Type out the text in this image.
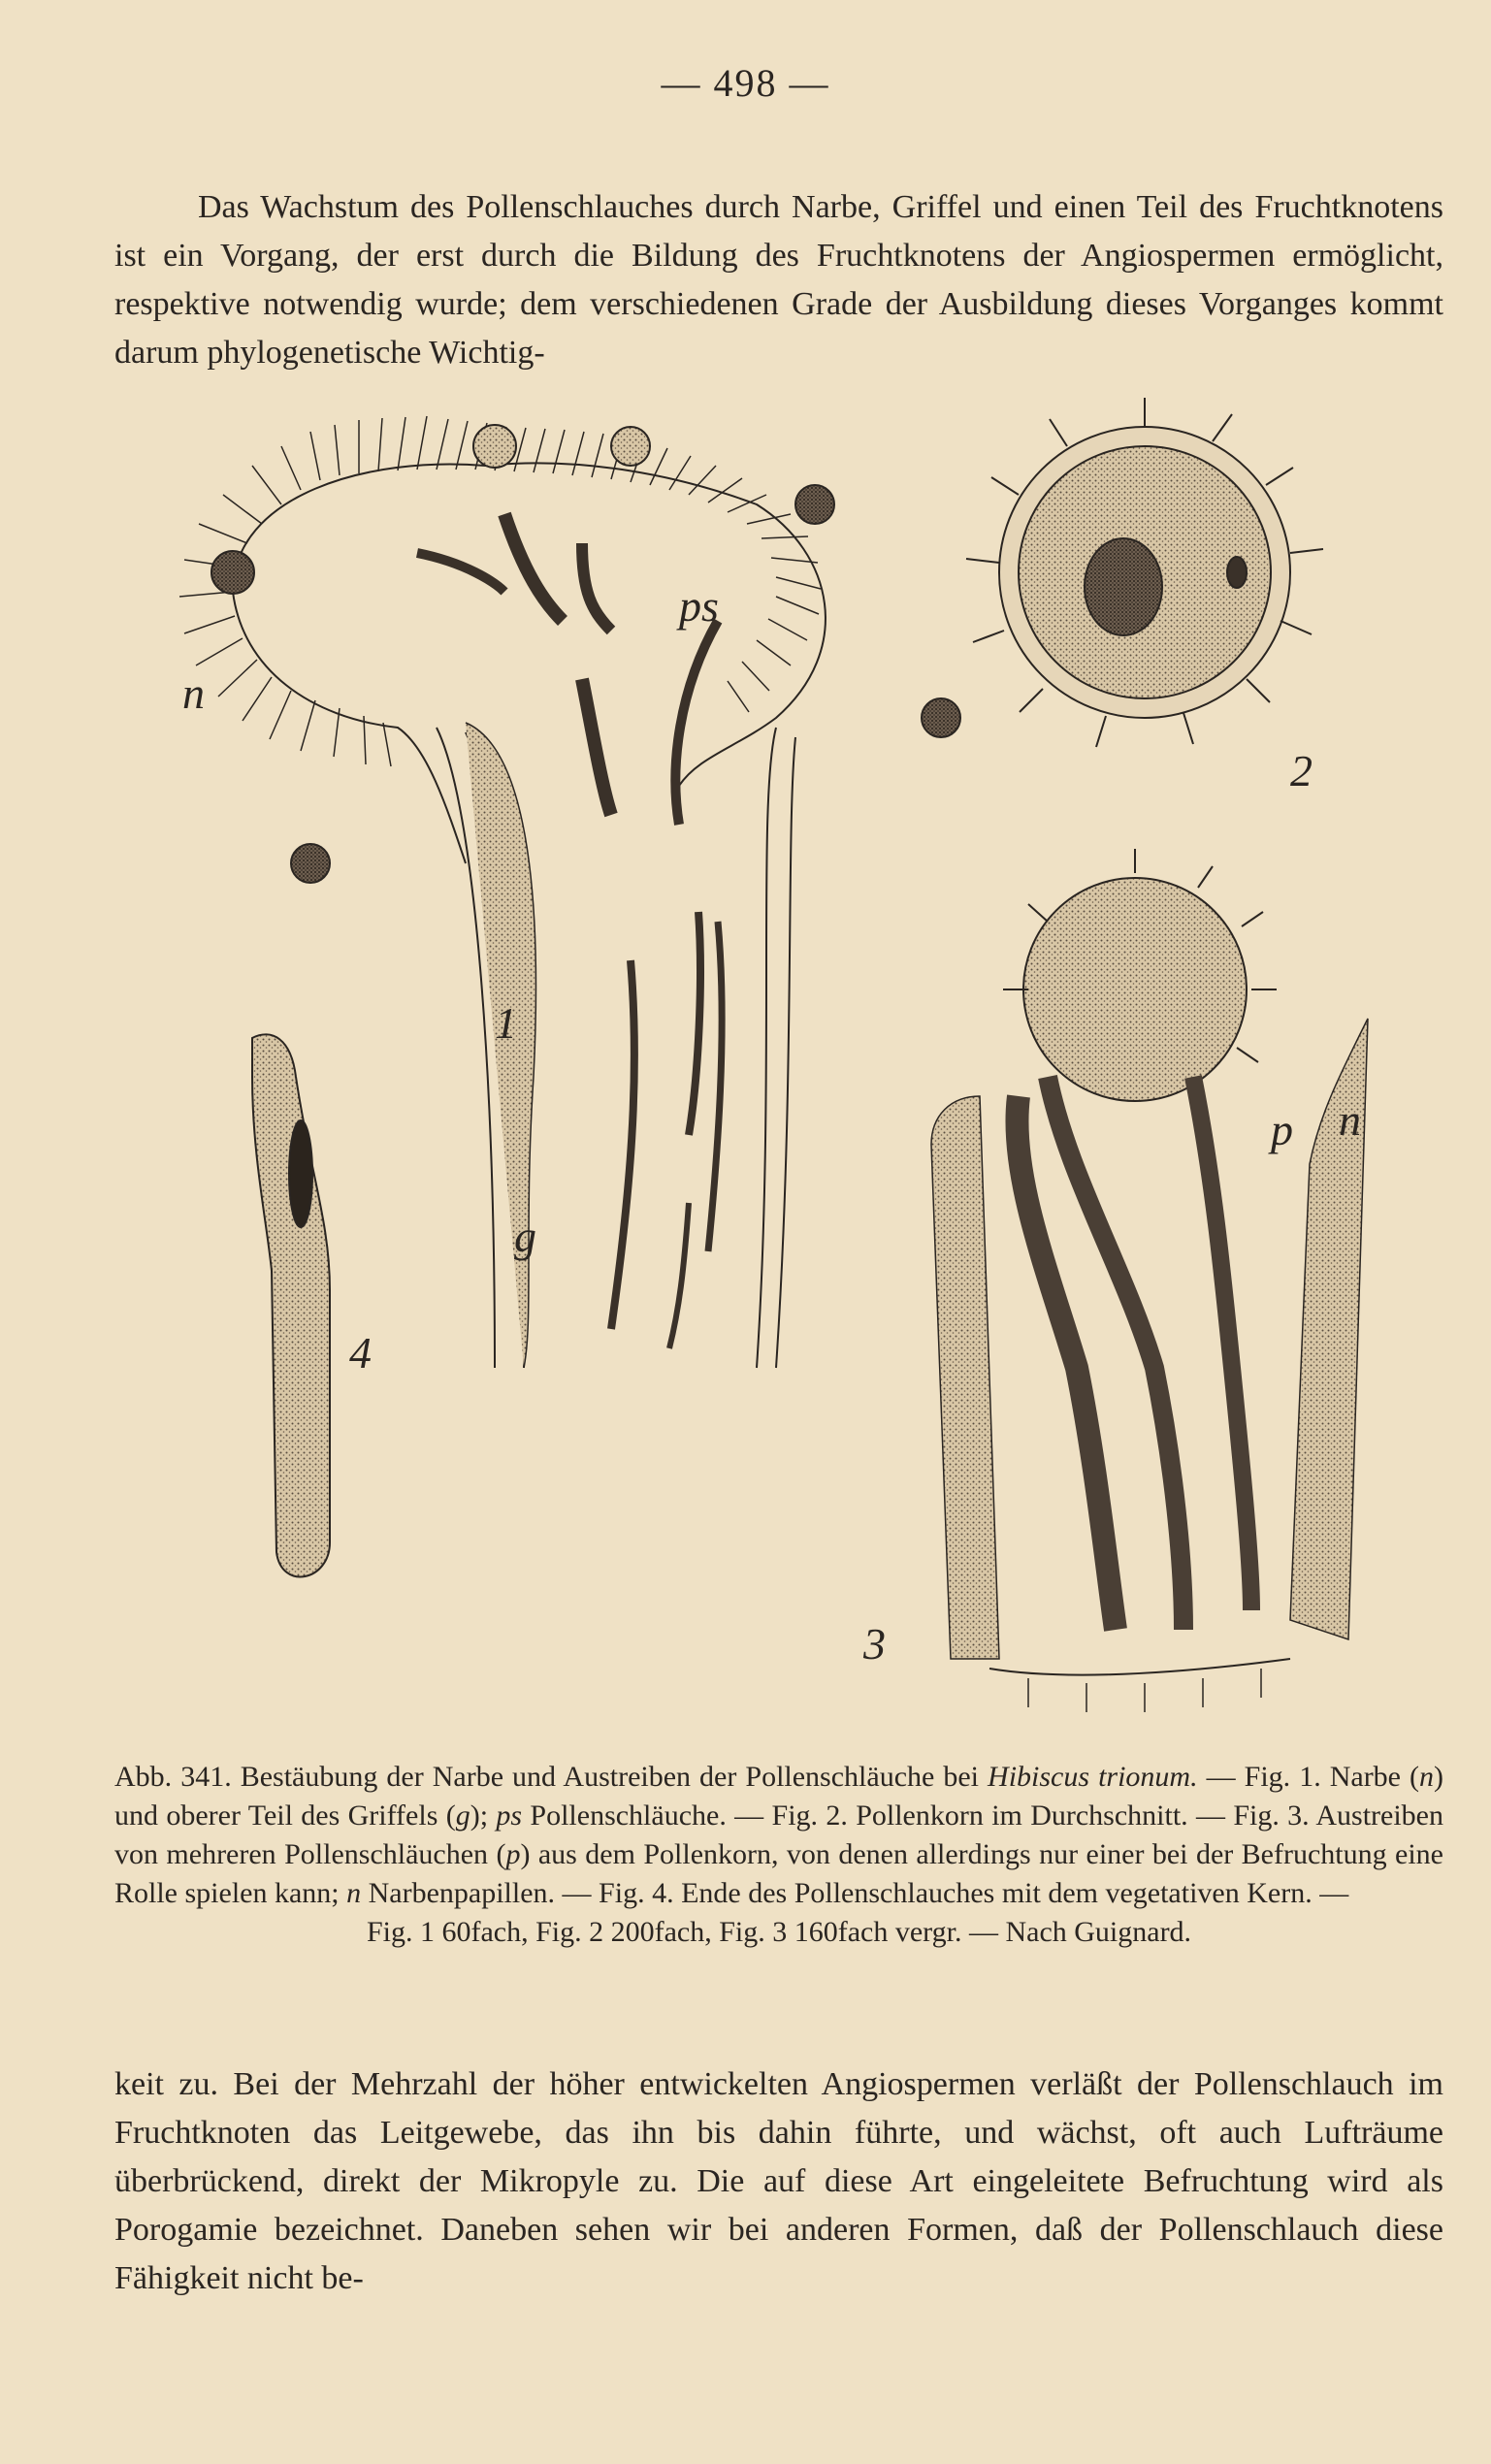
— 498 —

Das Wachstum des Pollenschlauches durch Narbe, Griffel und einen Teil des Fruchtknotens ist ein Vorgang, der erst durch die Bildung des Fruchtknotens der Angiospermen ermöglicht, respektive notwendig wurde; dem verschiedenen Grade der Ausbildung dieses Vorganges kommt darum phylogenetische Wichtig-

n
ps
1
2
3
4
g
p n

Abb. 341. Bestäubung der Narbe und Austreiben der Pollenschläuche bei Hibiscus trionum. — Fig. 1. Narbe (n) und oberer Teil des Griffels (g); ps Pollenschläuche. — Fig. 2. Pollenkorn im Durchschnitt. — Fig. 3. Austreiben von mehreren Pollenschläuchen (p) aus dem Pollenkorn, von denen allerdings nur einer bei der Befruchtung eine Rolle spielen kann; n Narbenpapillen. — Fig. 4. Ende des Pollenschlauches mit dem vegetativen Kern. —
Fig. 1 60fach, Fig. 2 200fach, Fig. 3 160fach vergr. — Nach Guignard.

keit zu. Bei der Mehrzahl der höher entwickelten Angiospermen verläßt der Pollenschlauch im Fruchtknoten das Leitgewebe, das ihn bis dahin führte, und wächst, oft auch Lufträume überbrückend, direkt der Mikropyle zu. Die auf diese Art eingeleitete Befruchtung wird als Porogamie bezeichnet. Daneben sehen wir bei anderen Formen, daß der Pollenschlauch diese Fähigkeit nicht be-
